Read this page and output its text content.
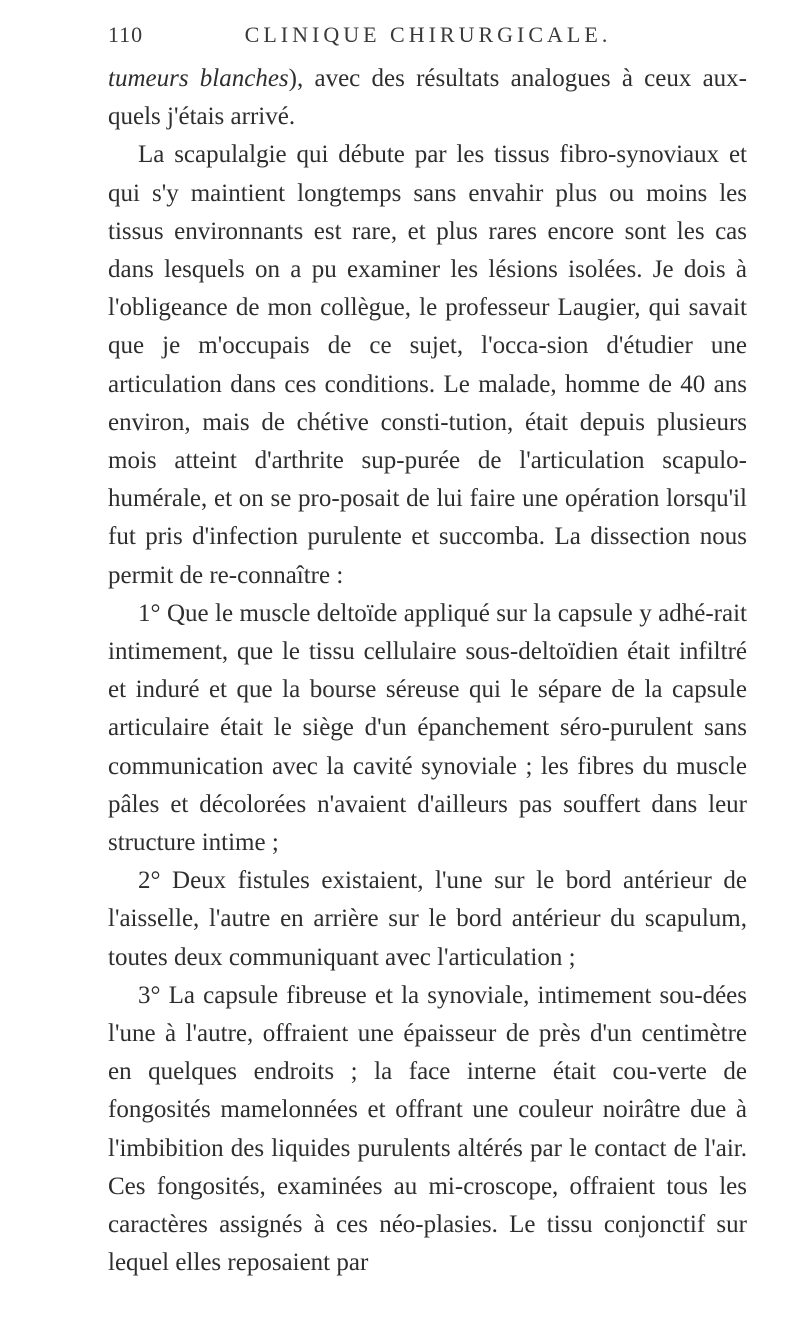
110	CLINIQUE CHIRURGICALE.

tumeurs blanches), avec des résultats analogues à ceux aux-quels j'étais arrivé.

La scapulalgie qui débute par les tissus fibro-synoviaux et qui s'y maintient longtemps sans envahir plus ou moins les tissus environnants est rare, et plus rares encore sont les cas dans lesquels on a pu examiner les lésions isolées. Je dois à l'obligeance de mon collègue, le professeur Laugier, qui savait que je m'occupais de ce sujet, l'occa-sion d'étudier une articulation dans ces conditions. Le malade, homme de 40 ans environ, mais de chétive consti-tution, était depuis plusieurs mois atteint d'arthrite sup-purée de l'articulation scapulo-humérale, et on se pro-posait de lui faire une opération lorsqu'il fut pris d'infection purulente et succomba. La dissection nous permit de re-connaître :

1° Que le muscle deltoïde appliqué sur la capsule y adhé-rait intimement, que le tissu cellulaire sous-deltoïdien était infiltré et induré et que la bourse séreuse qui le sépare de la capsule articulaire était le siège d'un épanchement séro-purulent sans communication avec la cavité synoviale ; les fibres du muscle pâles et décolorées n'avaient d'ailleurs pas souffert dans leur structure intime ;

2° Deux fistules existaient, l'une sur le bord antérieur de l'aisselle, l'autre en arrière sur le bord antérieur du scapulum, toutes deux communiquant avec l'articulation ;

3° La capsule fibreuse et la synoviale, intimement sou-dées l'une à l'autre, offraient une épaisseur de près d'un centimètre en quelques endroits ; la face interne était cou-verte de fongosités mamelonnées et offrant une couleur noirâtre due à l'imbibition des liquides purulents altérés par le contact de l'air. Ces fongosités, examinées au mi-croscope, offraient tous les caractères assignés à ces néo-plasies. Le tissu conjonctif sur lequel elles reposaient par
